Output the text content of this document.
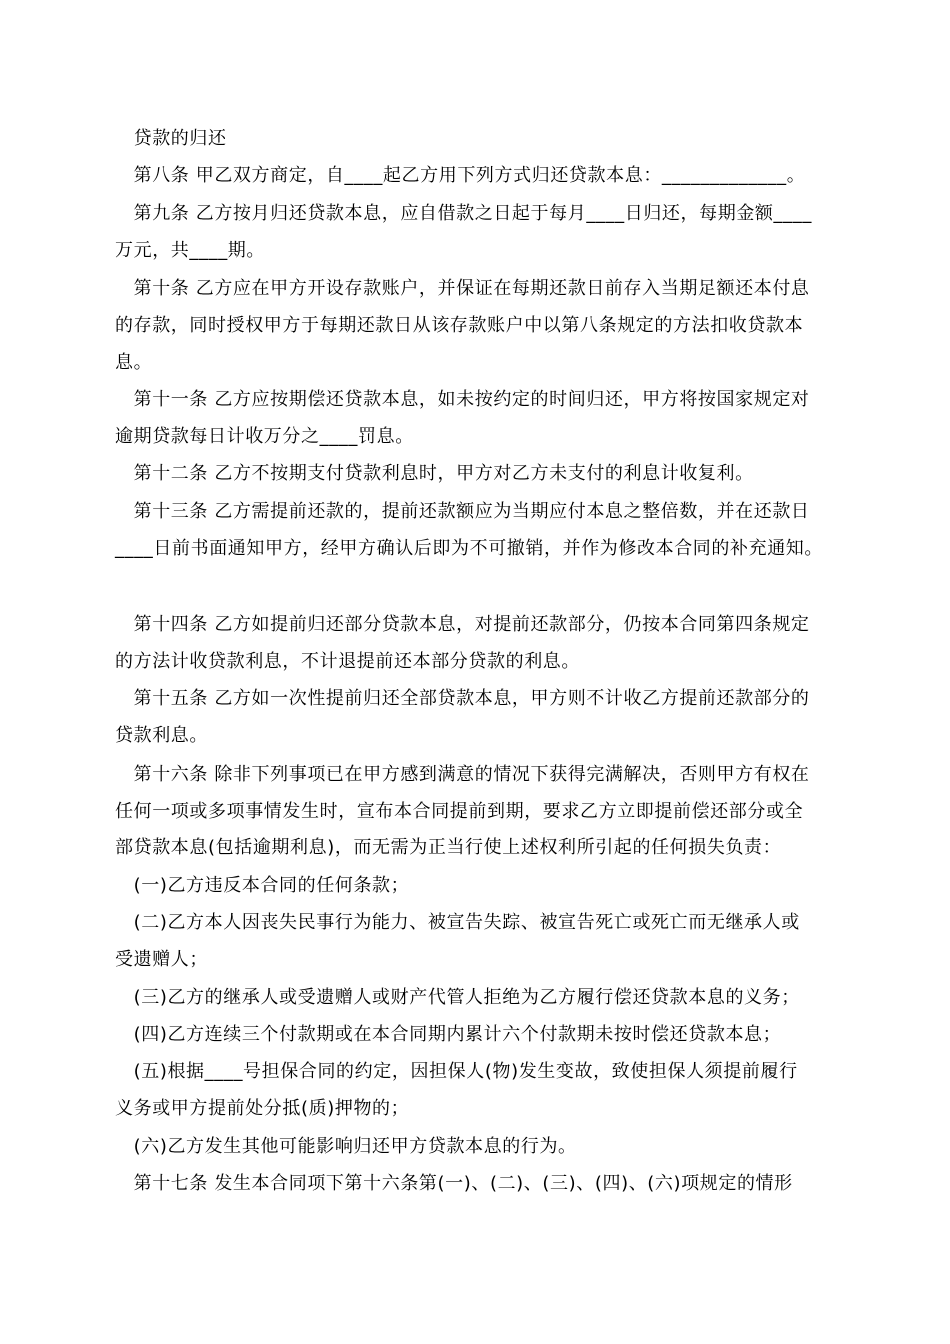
　贷款的归还
　第八条 甲乙双方商定，自____起乙方用下列方式归还贷款本息：_____________。
　第九条 乙方按月归还贷款本息，应自借款之日起于每月____日归还，每期金额____
万元，共____期。
　第十条 乙方应在甲方开设存款账户，并保证在每期还款日前存入当期足额还本付息
的存款，同时授权甲方于每期还款日从该存款账户中以第八条规定的方法扣收贷款本
息。
　第十一条 乙方应按期偿还贷款本息，如未按约定的时间归还，甲方将按国家规定对
逾期贷款每日计收万分之____罚息。
　第十二条 乙方不按期支付贷款利息时，甲方对乙方未支付的利息计收复利。
　第十三条 乙方需提前还款的，提前还款额应为当期应付本息之整倍数，并在还款日
____日前书面通知甲方，经甲方确认后即为不可撤销，并作为修改本合同的补充通知。
　第十四条 乙方如提前归还部分贷款本息，对提前还款部分，仍按本合同第四条规定
的方法计收贷款利息，不计退提前还本部分贷款的利息。
　第十五条 乙方如一次性提前归还全部贷款本息，甲方则不计收乙方提前还款部分的
贷款利息。
　第十六条 除非下列事项已在甲方感到满意的情况下获得完满解决，否则甲方有权在
任何一项或多项事情发生时，宣布本合同提前到期，要求乙方立即提前偿还部分或全
部贷款本息(包括逾期利息)，而无需为正当行使上述权利所引起的任何损失负责：
　(一)乙方违反本合同的任何条款；
　(二)乙方本人因丧失民事行为能力、被宣告失踪、被宣告死亡或死亡而无继承人或
受遗赠人；
　(三)乙方的继承人或受遗赠人或财产代管人拒绝为乙方履行偿还贷款本息的义务；
　(四)乙方连续三个付款期或在本合同期内累计六个付款期未按时偿还贷款本息；
　(五)根据____号担保合同的约定，因担保人(物)发生变故，致使担保人须提前履行
义务或甲方提前处分抵(质)押物的；
　(六)乙方发生其他可能影响归还甲方贷款本息的行为。
　第十七条 发生本合同项下第十六条第(一)、(二)、(三)、(四)、(六)项规定的情形
